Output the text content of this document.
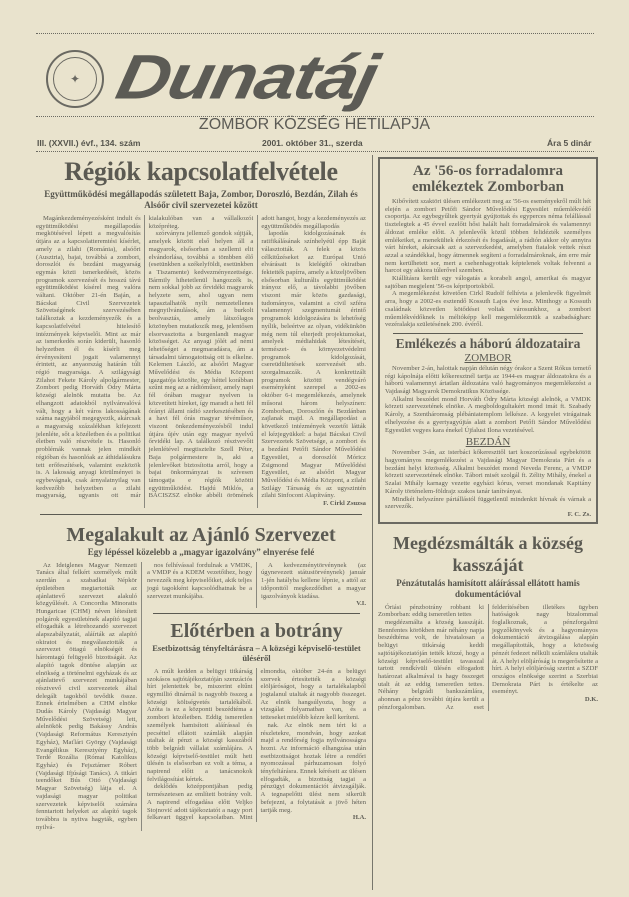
✦ Dunatáj
ZOMBOR KÖZSÉG HETILAPJA
III. (XXVII.) évf., 134. szám	2001. október 31., szerda	Ára 5 dinár
Régiók kapcsolatfelvétele
Együttműködési megállapodás született Baja, Zombor, Doroszló, Bezdán, Zilah és Alsóőr civil szervezetei között

Magánkezdeményezésként indult és együttműködési megállapodás megkötésével lépett a megvalósítás útjára az a kapcsolatteremtési kísérlet, amely a zilahi (Románia), alsóőri (Ausztria), bajai, továbbá a zombori, doroszlói és bezdáni magyarság egymás közti ismerkedését, közös programok szervezését és hosszú távú együttműködést kísérel meg valóra váltani. Október 21-én Baján, a Bácskai Civil Szervezetek Szövetségének szervezésében találkoztak a kezdeményezők és a kapcsolatfelvétel hitelesítő intézmények képviselői. Mint az már az ismerkedés során kiderült, hasonló helyzetben él és kísérli meg érvényesíteni jogait valamennyi érintett, az anyaország határán túli régió magyarsága. A szilágysági Zilahot Fekete Károly alpolgármester, Zombort pedig Horváth Ódry Márta községi alelnök mutatta be. Az elhangzott adatokból nyilvánvalóvá vált, hogy a két város lakosságának száma nagyjából megegyezik, akárcsak a magyarság százalékban kifejezett jelenléte, sőt a közéletben és a politikai életben való részvétele is. Hasonló problémák vannak jelen mindkét régióban és hasonlóak az áthidalásukra tett erőfeszítések, valamint eszközök is. A lakosság anyagi körülményei is egybevágnak, csak árnyalatnyilag van kedvezőbb helyzetben a zilahi magyarság, ugyanis ott már kialakulóban van a vállalkozói középréteg.

szórványra jellemző gondok sújtják, amelyek között első helyen áll a magyarok, elsősorban a szellemi elit elvándorlása, továbbá a tömbben élő (esetünkben a székelyföldi, esetünkben a Tiszamente) kedvezményezettsége. Bármily hihetetlenül hangozzék is, nem sokkal jobb az őrvidéki magyarok helyzete sem, ahol ugyan nem tapasztalhatók nyílt nemzetellenes megnyilvánulások, ám a burkolt beolvasztás, amely látszólagos közönyben mutatkozik meg, jelentősen elsorvasztotta a burgenlandi magyar közösséget. Az anyagi jólét ad némi lehetőséget a megmaradásra, ám a társadalmi támogatottság ott is elkelne. Kelemen László, az alsóőri Magyar Művelődési és Média Központ igazgatója közölte, egy héttel korábban szűnt meg az a rádióműsor, amely napi fél órában magyar nyelven is közvetített híreket, így maradt a heti fél órányi állami rádió szerkesztésében és a havi fél órás magyar tévéműsor, viszont önkezdeményezésből indul útjára újév után egy magyar nyelvű őrvidéki lap. A találkozó résztvevőit jelenlétével megtisztelte Szell Péter, Baja polgármestere is, aki a jelenlevőket biztosította arról, hogy a bajai önkormányzat is szívesen támogatja e régiók közötti együttműködést. Hajdú Miklós, a BÁCISZSZ elnöke abbéli örömének adott hangot, hogy a kezdeményezés az együttműködés megállapodás

lapodás kidolgozásának és ratifikálásának színhelyéül épp Baját választották. A felek a közös célkitűzéseket az Európai Unió elvárásait is kielégítő okiratban fektették papírra, amely a közeljövőben elsősorban kulturális együttműködést irányoz elő, a távolabbi jövőben viszont már közös gazdasági, tudományos, valamint a civil szféra valamennyi szegmentumát érintő programok kidolgozására is lehetőség nyílik, beleértve az olyan, vidékünkön még nem túl elterjedt projektumokat, amelyek médiahidak létesítését, természet- és környezetvédelmi programok kidolgozását, csereüdültetések szervezését stb. szorgalmazzák. A konkretizált programok közötti vendégváró eseményként szerepel a 2002-es október 6-i megemlékezés, amelynek műsorai három helyszínen: Zomborban, Doroszlón és Bezdánban zajlanak majd. A megállapodást a következő intézmények vezetői látták el kézjegyükkel: a bajai Bácskai Civil Szervezetek Szövetsége, a zombori és a bezdáni Petőfi Sándor Művelődési Egyesület, a doroszlói Móricz Zsigmond Magyar Művelődési Egyesület, az alsóőri Magyar Művelődési és Média Központ, a zilahi Szilágy Társaság és az ugyszintén zilahi Sinfocont Alapítvány.

F. Cirkl Zsuzsa
Megalakult az Ajánló Szervezet
Egy lépéssel közelebb a „magyar igazolvány” elnyerése felé

Az Ideiglenes Magyar Nemzeti Tanács által felkért személyek múlt szerdán a szabadkai Népkör épületében megtartották az ajánlattevő szervezet alakuló közgyűlését. A Concordia Minoratis Hungaricae (CHM) néven létesített polgárok egyesületének alapító tagjai elfogadták a létrehozandó szervezet alapszabályzatát, aláírták az alapító okiratot és megválasztották a szervezet öttagú elnökségét és háromtagú felügyelő bizottságát. Az alapító tagok döntése alapján az elnökség a történelmi egyházak és az ajánlattevő szervezet munkájában résztvevő civil szervezetek által delegált tagokból tevődik össze. Ennek értelmében a CHM elnöke Dudás Károly (Vajdasági Magyar Művelődési Szövetség) lett, alelnökök pedig Bakássy András (Vajdasági Református Keresztyén Egyház), Maťlári György (Vajdasági Evangélikus Keresztyény Egyház), Terdé Rozália (Római Katolikus Egyház) és Fejsztámer Róbert (Vajdasági Ifjúsági Tanács). A titkári teendőket Bús Ottó (Vajdasági Magyar Szövetség) látja el. A vajdasági magyar politikai szervezetek képviselői számára fenntartott helyeket az alapító tagok továbbra is nyitva hagyták, egyben nyilvá-

nos felhívással fordulnak a VMDK, a VMDP és a KDEM vezetőihez, hogy nevezzék meg képviselőiket, akik teljes jogú tagokként kapcsolódhatnak be a szervezet munkájába.

A kedvezménytörvénynek (az úgynevezett státustörvénynek) január 1-jén hatályba kellene lépnie, s attól az időponttól megkezdődhet a magyar igazolványok kiadása.

V.I.
Előtérben a botrány
Esetbizottság tényfeltárásra – A községi képviselő-testület üléséről

A múlt kedden a belügyi titkárság szokásos sajtótájékoztatóján szenzációs hírt jelentettek be, miszerint eltűnt egymillió dinárnál is nagyobb összeg a községi költségvetés tartalékából. Azóta is ez a központi beszédtéma a zombori közéletben. Eddig ismeretlen személyek hamisított aláírással és pecséttel ellátott számlák alapján utaltak át pénzt a községi kasszából több belgrádi vállalat számlájára. A községi képviselő-testület múlt heti ülésén is elsősorban ez volt a téma, a napirend előtt a tanácsnokok felvilágosítást kértek.

deklődés középpontjában pedig természetesen az említett botrány volt. A napirend elfogadása előtt Veljko Stojnović adott tájékoztatót a nagy port felkavart üggyel kapcsolatban. Mint elmondta, október 24-én a belügyi szervek értesítették a községi elöljáróságot, hogy a tartalékalapból jogtalanul utaltak át nagyobb összeget. Az elnök hangsúlyozta, hogy a vizsgálat folyamatban van, és a tetteseket mielőbb kézre kell keríteni.

nak. Az elnök nem tért ki a részletekre, mondván, hogy azokat majd a rendőrség fogja nyilvánosságra hozni. Az információ elhangzása után esetbizottságot hoztak létre a rendőri nyomozással párhuzamosan folyó tényfeltárásra. Ennek kéréseit az ülésen elfogadták, a bizottság tagjai a pénzügyi dokumentációt átvizsgálják. A tegnapelőtti ülést nem sikerült befejezni, a folytatását a jövő héten tartják meg.

H.A.
Az '56-os forradalomra emlékeztek Zomborban

Kibővített szaktöri ülésen emlékezett meg az '56-os eseményekről múlt hét elején a zombori Petőfi Sándor Művelődési Egyesület műemlékvédő csoportja. Az egybegyűltek gyertyát gyújtottak és egyperces néma felállással tisztelegtek a 45 évvel ezelőtt hősi halált halt forradalmárok és valamennyi áldozat emléke előtt. A jelenlevők közül többen felidézték személyes emlékeiket, a menekültek érkezését és fogadását, a rádión akkor oly annyira várt híreket, akárcsak azt a szervezkedést, amelyben fiatalok vettek részt azzal a szándékkal, hogy átmennek segíteni a forradalmároknak, ám erre már nem kerülhetett sor, mert a csehenhagyottak képtelenek voltak felvenni a harcot egy akkora túlerővel szemben.

Kiállításra került egy válogatás a korabeli angol, amerikai és magyar sajtóban megjelent '56-os képriportokból.

A megemlékezést követően Cirkl Rudolf felhívta a jelenlevők figyelmét arra, hogy a 2002-es esztendő Kossuth Lajos éve lesz. Minthogy a Kossuth családnak közvetlen kötődései voltak városunkhoz, a zombori műemlékvédőknek is méltóképp kell megemlékezniük a szabadságharc vezéralakja születésének 200. évéről.

Emlékezés a háború áldozataira
ZOMBOR

November 2-án, halottak napján délután négy órakor a Szent Rókus temető régi kápolnája előtti kőkeresztnél tartja az 1944-es magyar áldozatokra és a háború valamennyi ártatlan áldozatára való hagyományos megemlékezést a Vajdasági Magyarok Demokratikus Közössége.

Alkalmi beszédet mond Horváth Ódry Márta községi alelnök, a VMDK körzeti szervezetének elnöke. A megboldogultakért mond imát ft. Szabady Károly, a Szentháromság plébániatemplom lelkésze. A kegyelet virágainak elhelyezése és a gyertyagyújtás alatt a zombori Petőfi Sándor Művelődési Egyesület vegyes kara énekel Újfalusi Ilona vezetésével.

BEZDÁN

November 3-án, az isterbáci kőkereszttől tart koszorúzással egybekötött hagyományos megemlékezést a Vajdasági Magyar Demokrata Párt és a bezdáni helyi közösség. Alkalmi beszédet mond Neveda Ferenc, a VMDP körzeti szervezetének elnöke. Tábori misét szolgál ft. Zélity Mihály, énekel a Szalai Mihály karnagy vezette egyházi kórus, verset mondanak Kapitány Károly történelem-földrajz szakos tanár tanítványai.

Mindkét helyszínre pártállástól függetlenül mindenkit hívnak és várnak a szervezők.

F. C. Zs.
Megdézsmálták a község kasszáját
Pénzátutalás hamisított aláírással ellátott hamis dokumentációval

Óriási pénzbotrány robbant ki Zomborban: eddig ismeretlen tettes

megdézsmálta a község kasszáját. Bennfentes körökben már néhány napja beszédtéma volt, de hivatalosan a belügyi titkárság keddi sajtótájékoztatóján tették közzé, hogy a községi képviselő-testület tavasszal tartott rendkívüli ülésén elfogadott határozat alkalmával is hagy összeget utalt át az eddig ismeretlen tettes. Néhány belgrádi bankszámlára, ahonnan a pénz további útjára került a pénzforgalomban. Az eset felderítésében illetékes ügyben hatóságok nagy bizalommal foglalkoznak, a pénzforgalmi jegyzőkönyvek és a hagyományos dokumentáció átvizsgálása alapján megállapították, hogy a közösség pénzét fedezet nélküli számlákra utalták át. A helyi elöljáróság is megerősítette a hírt. A helyi elöljáróság szerint a SZDF országos elnöksége szerint a Szerbiai Demokrata Párt is értékelte az eseményt.

D.K.
